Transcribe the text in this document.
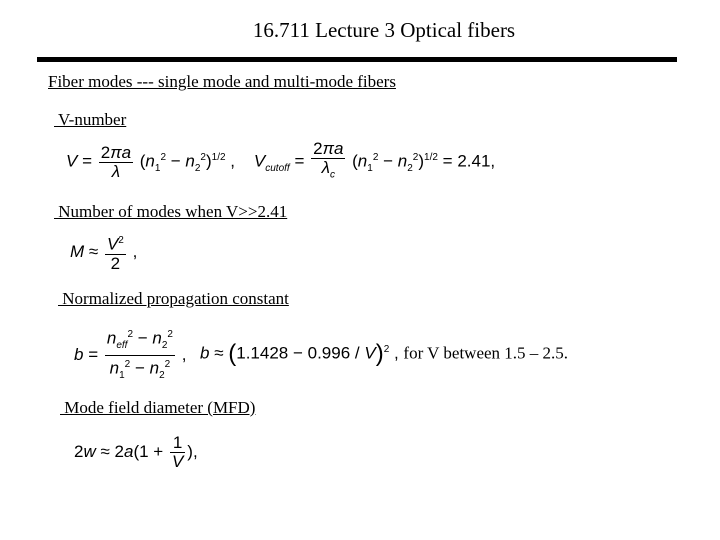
16.711 Lecture 3 Optical fibers
Fiber modes --- single mode and multi-mode fibers
V-number
$V = \frac{2\pi a}{\lambda} (n_1^2 - n_2^2)^{1/2}$ ,    $V_{cutoff} = \frac{2\pi a}{\lambda_c} (n_1^2 - n_2^2)^{1/2} = 2.41$,
Number of modes when V>>2.41
$M \approx \frac{V^2}{2}$ ,
Normalized propagation constant
$b = \frac{n_{eff}^2 - n_2^2}{n_1^2 - n_2^2}$ , $b \approx (1.1428 - 0.996 / V)^2$ , for V between 1.5 – 2.5.
Mode field diameter (MFD)
$2w \approx 2a(1 + \frac{1}{V}$ ),
